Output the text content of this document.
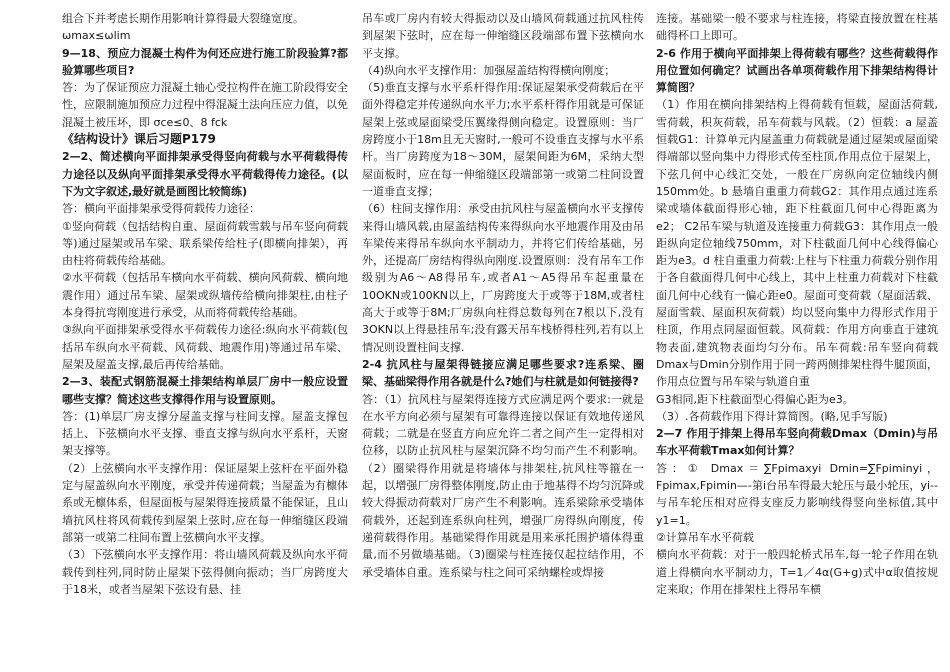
组合下并考虑长期作用影响计算得最大裂缝宽度。

ωmax≤ωlim

9—18、预应力混凝土构件为何还应进行施工阶段验算?都验算哪些项目?

答：为了保证预应力混凝土轴心受拉构件在施工阶段得安全性，应限制施加预应力过程中得混凝土法向压应力值，以免混凝土被压坏，即 σce≤0、8 fck

《结构设计》课后习题P179

2—2、简述横向平面排架承受得竖向荷载与水平荷载得传力途径以及纵向平面排架承受得水平荷载得传力途径。(以下为文字叙述,最好就是画图比较简练)

答：横向平面排架承受得荷载传力途径：

①竖向荷载（包括结构自重、屋面荷载雪载与吊车竖向荷载等)通过屋架或吊车梁、联系梁传给柱子(即横向排架），再由柱将荷载传给基础。

②水平荷载（包括吊车横向水平荷载、横向风荷载、横向地震作用）通过吊车梁、屋架或纵墙传给横向排架柱,由柱子本身得抗弯刚度进行承受，从而将荷载传给基础。

③纵向平面排架承受得水平荷载传力途径:纵向水平荷载(包括吊车纵向水平荷载、风荷载、地震作用)等通过吊车梁、屋架及屋盖支撑,最后再传给基础。

2—3、装配式钢筋混凝土排架结构单层厂房中一般应设置哪些支撑？简述这些支撑得作用与设置原则。

答：(1)单层厂房支撑分屋盖支撑与柱间支撑。屋盖支撑包括上、下弦横向水平支撑、垂直支撑与纵向水平系杆，天窗架支撑等。

（2）上弦横向水平支撑作用：保证屋架上弦杆在平面外稳定与屋盖纵向水平刚度，承受并传递荷载；当屋盖为有檩体系或无檩体系，但屋面板与屋架得连接质量不能保证，且山墙抗风柱将风荷载传到屋架上弦时,应在每一伸缩缝区段端部第一或第二柱间布置上弦横向水平支撑。

（3）下弦横向水平支撑作用：将山墙风荷载及纵向水平荷载传到柱列,同时防止屋架下弦得侧向振动；当厂房跨度大于18米，或者当屋架下弦设有悬、挂

吊车或厂房内有较大得振动以及山墙风荷载通过抗风柱传到屋架下弦时，应在每一伸缩缝区段端部布置下弦横向水平支撑。

（4)纵向水平支撑作用：加强屋盖结构得横向刚度；

（5)垂直支撑与水平系杆得作用:保证屋架承受荷载后在平面外得稳定并传递纵向水平力;水平系杆得作用就是可保证屋架上弦或屋面梁受压翼缘得侧向稳定。设置原则：当厂房跨度小于18m且无天窗时,一般可不设垂直支撑与水平系杆。当厂房跨度为18～30M，屋架间距为6M，采纳大型屋面板时，应在每一伸缩缝区段端部第一或第二柱间设置一道垂直支撑；

（6）柱间支撑作用：承受由抗风柱与屋盖横向水平支撑传来得山墙风载,由屋盖结构传来得纵向水平地震作用及由吊车梁传来得吊车纵向水平制动力，并将它们传给基础，另外，还提高厂房结构得纵向刚度.设置原则：没有吊车工作级别为A6～A8得吊车,或者A1～A5得吊车起重量在10OKN或100KN以上，厂房跨度大于或等于18M,或者柱高大于或等于8M;厂房纵向柱得总数每列在7根以下,没有3OKN以上得悬挂吊车;没有露天吊车栈桥得柱列,若有以上情况则设置柱间支撑.

2-4 抗风柱与屋架得链接应满足哪些要求?连系梁、圈梁、基础梁得作用各就是什么?她们与柱就是如何链接得?

答：（1）抗风柱与屋架得连接方式应满足两个要求:一就是在水平方向必须与屋架有可靠得连接以保证有效地传递风荷载；二就是在竖直方向应允许二者之间产生一定得相对位移，以防止抗风柱与屋架沉降不均匀而产生不利影响。（2）圈梁得作用就是将墙体与排架柱,抗风柱等箍在一起，以增强厂房得整体刚度,防止由于地基得不均匀沉降或较大得振动荷载对厂房产生不利影响。连系梁除承受墙体荷载外，还起到连系纵向柱列，增强厂房得纵向刚度，传递荷载得作用。基础梁得作用就是用来承托围护墙体得重量,而不另做墙基础。（3)圈梁与柱连接仅起拉结作用，不承受墙体自重。连系梁与柱之间可采纳螺栓或焊接

连接。基础梁一般不要求与柱连接，将梁直接放置在柱基础得杯口上即可。

2-6 作用于横向平面排架上得荷载有哪些？这些荷载得作用位置如何确定？试画出各单项荷载作用下排架结构得计算简图？

（1）作用在横向排架结构上得荷载有恒载，屋面活荷载,雪荷载，积灰荷载，吊车荷载与风载。（2）恒载：a 屋盖恒载G1：计算单元内屋盖重力荷载就是通过屋架或屋面梁得端部以竖向集中力得形式传至柱顶,作用点位于屋架上，下弦几何中心线汇交处，一般在厂房纵向定位轴线内侧150mm处。b 悬墙自重重力荷载G2：其作用点通过连系梁或墙体截面得形心轴，距下柱截面几何中心得距离为e2； C2吊车梁与轨道及连接重力荷载G3：其作用点一般距纵向定位轴线750mm，对下柱截面几何中心线得偏心距为e3。d 柱自重重力荷载:上柱与下柱重力荷载分别作用于各自截面得几何中心线上，其中上柱重力荷载对下柱截面几何中心线有一偏心距e0。屋面可变荷载（屋面活载、屋面雪载、屋面积灰荷载）均以竖向集中力得形式作用于柱顶，作用点同屋面恒载。风荷载：作用方向垂直于建筑物表面,建筑物表面均匀分布。吊车荷载:吊车竖向荷载Dmax与Dmin分别作用于同一跨两侧排架柱得牛腿顶面，作用点位置与吊车梁与轨道自重

G3相同,距下柱截面型心得偏心距为e3。

（3）.各荷载作用下得计算简图。(略,见手写版)

2—7 作用于排架上得吊车竖向荷载Dmax（Dmin)与吊车水平荷载Tmax如何计算？

答：① Dmax＝∑Fpimaxyi Dmin=∑Fpiminyi，Fpimax,Fpimin—-第i台吊车得最大轮压与最小轮压，yi--与吊车轮压相对应得支座反力影响线得竖向坐标值,其中y1=1。

②计算吊车水平荷载

横向水平荷载：对于一般四轮桥式吊车,每一轮子作用在轨道上得横向水平制动力，T=1／4α(G+g)式中α取值按规定来取；作用在排架柱上得吊车横
